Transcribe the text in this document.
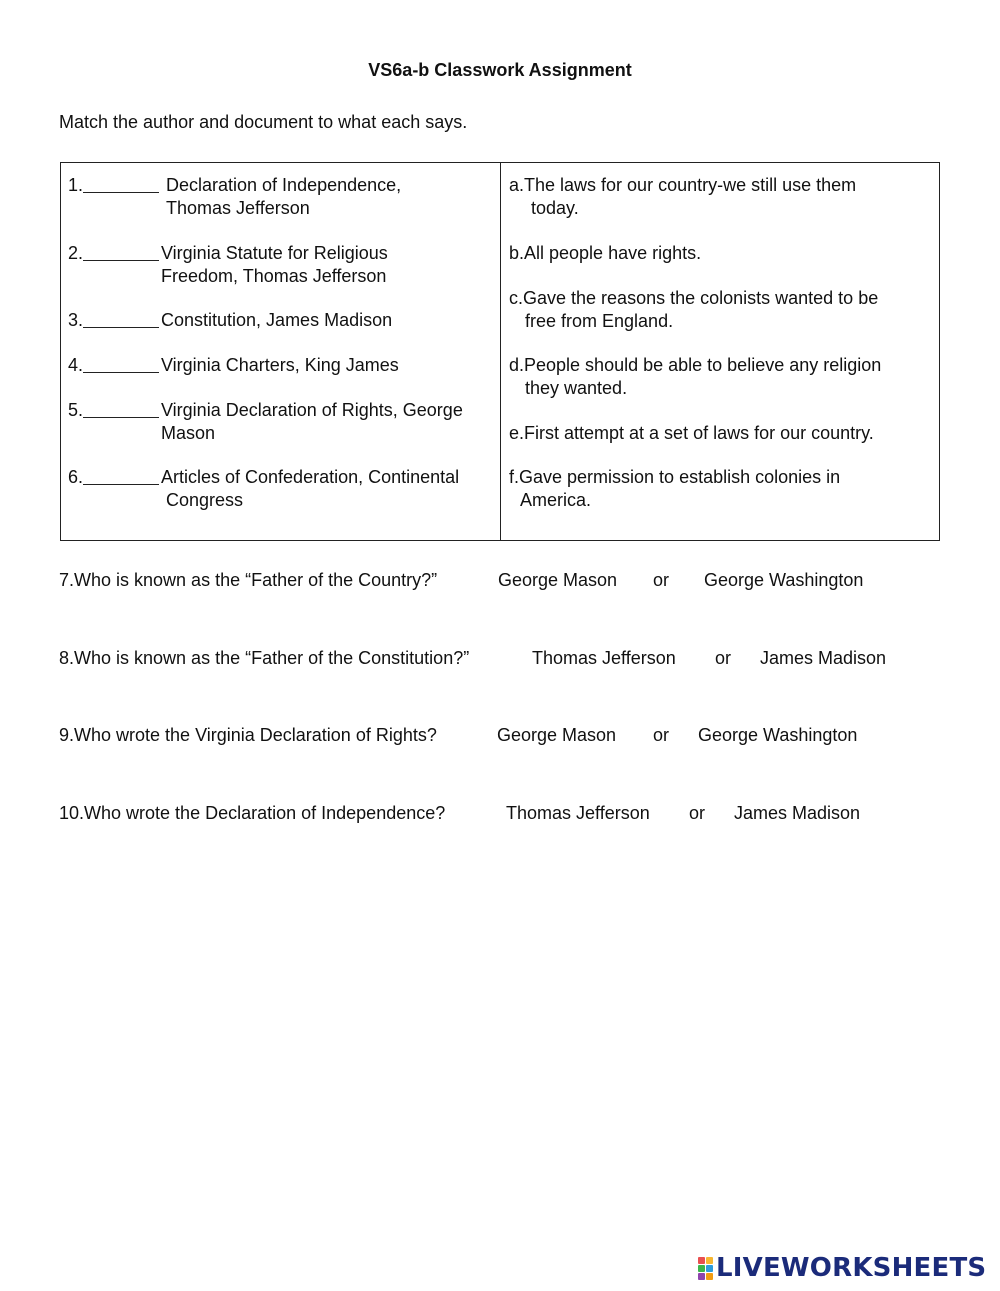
VS6a-b Classwork Assignment
Match the author and document to what each says.
1.	Declaration of Independence,
Thomas Jefferson
2.	Virginia Statute for Religious
Freedom, Thomas Jefferson
3.	Constitution, James Madison
4.	Virginia Charters, King James
5.	Virginia Declaration of Rights, George
Mason
6.	Articles of Confederation, Continental
Congress
a.The laws for our country-we still use them
today.
b.All people have rights.
c.Gave the reasons the colonists wanted to be
free from England.
d.People should be able to believe any religion
they wanted.
e.First attempt at a set of laws for our country.
f.Gave permission to establish colonies in
America.
7.Who is known as the “Father of the Country?”	George Mason or George Washington
8.Who is known as the “Father of the Constitution?”	Thomas Jefferson or James Madison
9.Who wrote the Virginia Declaration of Rights?	George Mason or George Washington
10.Who wrote the Declaration of Independence?	Thomas Jefferson or James Madison
LIVEWORKSHEETS
